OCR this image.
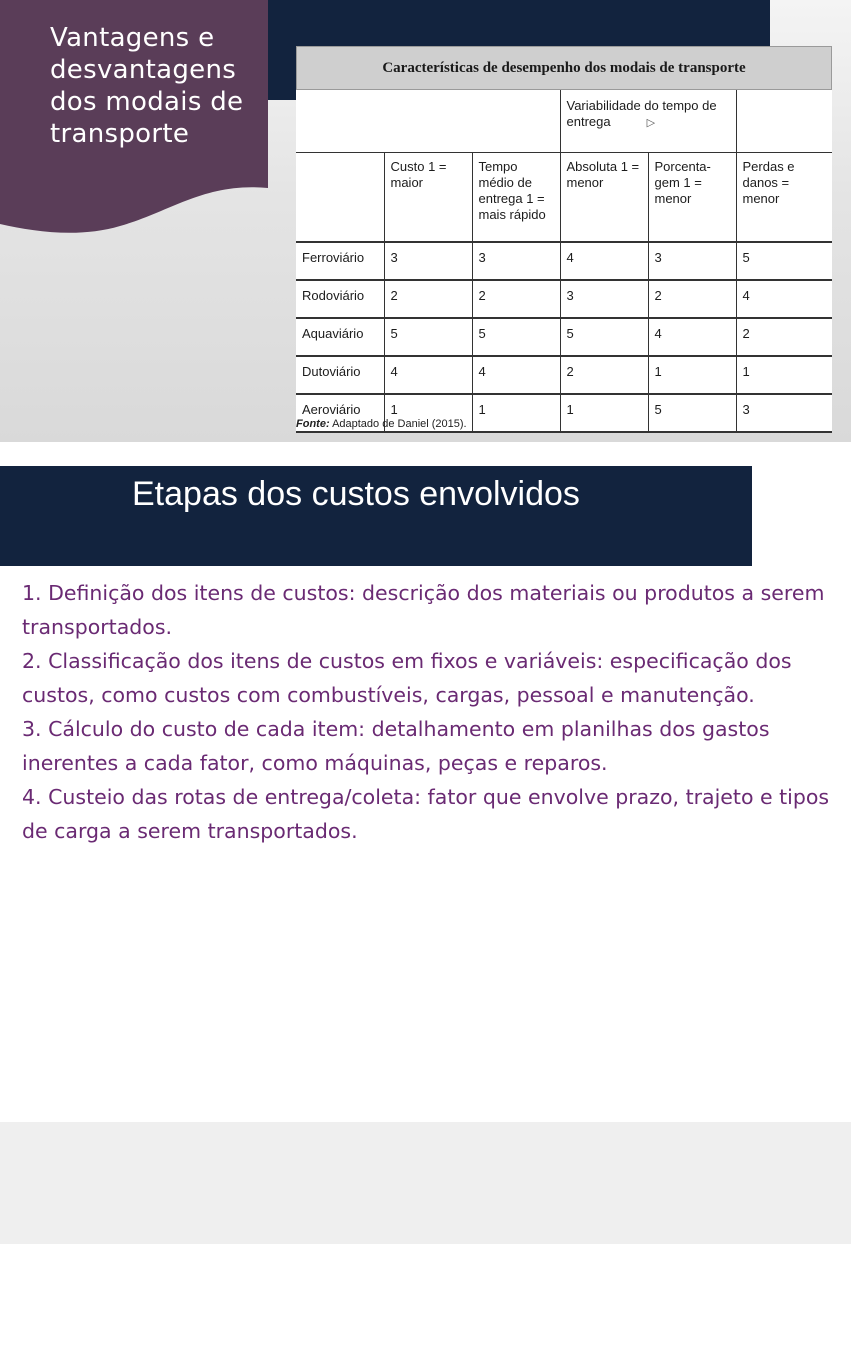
Vantagens e desvantagens dos modais de transporte
Características de desempenho dos modais de transporte
			Variabilidade do tempo de entrega ▷		
	Custo 1 = maior	Tempo médio de entrega 1 = mais rápido	Absoluta 1 = menor	Porcenta-gem 1 = menor	Perdas e danos = menor
Ferroviário	3	3	4	3	5
Rodoviário	2	2	3	2	4
Aquaviário	5	5	5	4	2
Dutoviário	4	4	2	1	1
Aeroviário	1	1	1	5	3
Fonte: Adaptado de Daniel (2015).
Etapas dos custos envolvidos

1. Definição dos itens de custos: descrição dos materiais ou produtos a serem transportados.

2. Classificação dos itens de custos em fixos e variáveis: especificação dos custos, como custos com combustíveis, cargas, pessoal e manutenção.

3. Cálculo do custo de cada item: detalhamento em planilhas dos gastos inerentes a cada fator, como máquinas, peças e reparos.

4. Custeio das rotas de entrega/coleta: fator que envolve prazo, trajeto e tipos de carga a serem transportados.
